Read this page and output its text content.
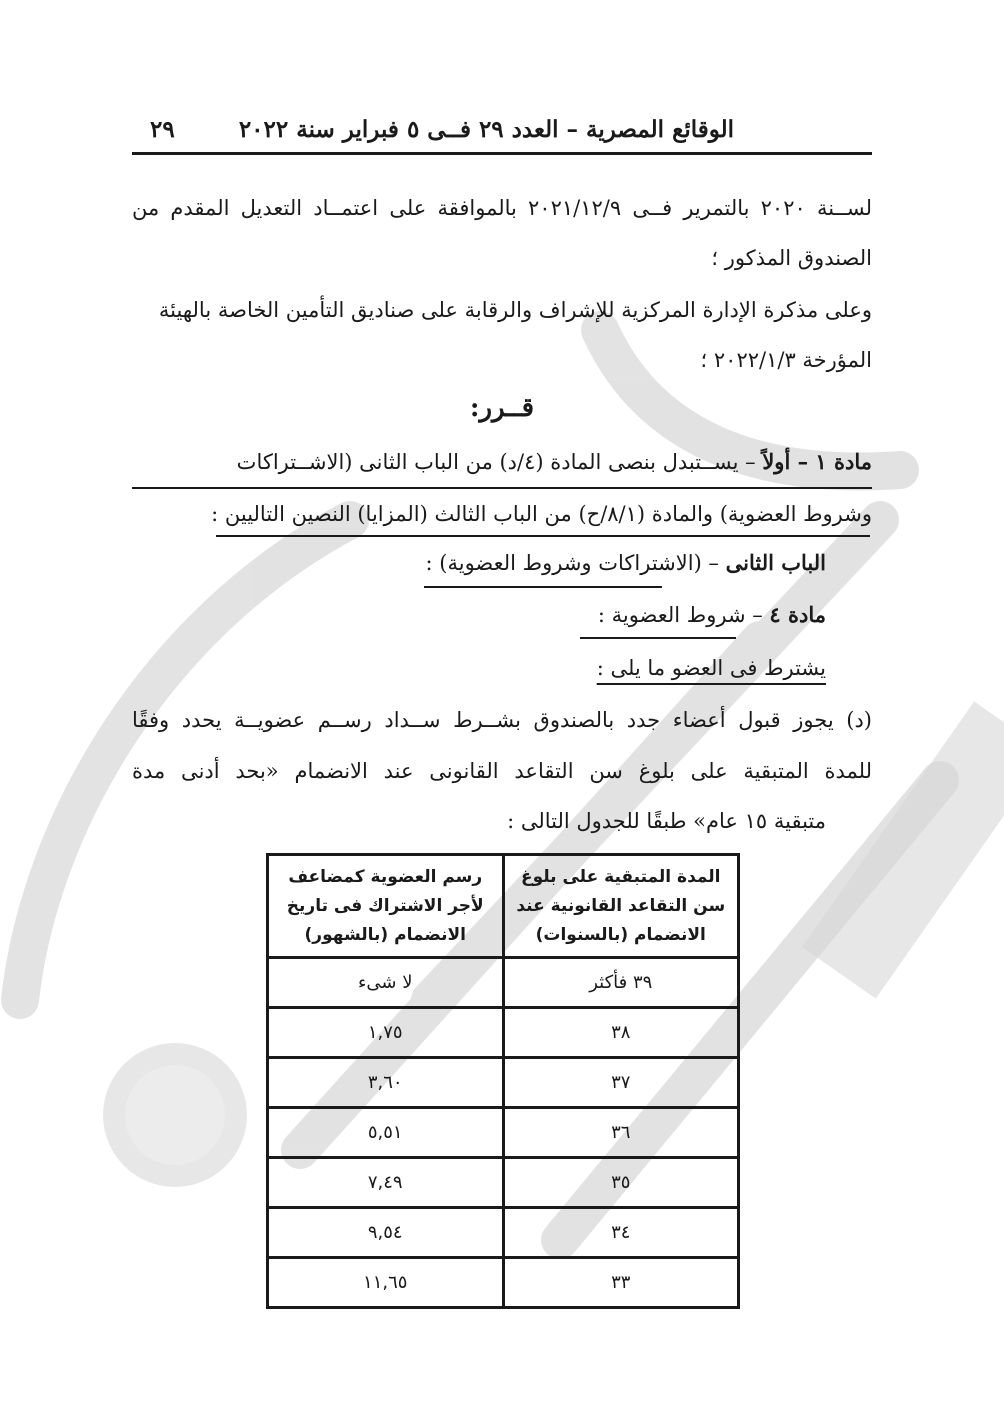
الوقائع المصرية – العدد ٢٩ فــى ٥ فبراير سنة ٢٠٢٢
٢٩
لســنة ٢٠٢٠ بالتمرير فــى ٢٠٢١/١٢/٩ بالموافقة على اعتمــاد التعديل المقدم من
الصندوق المذكور ؛
وعلى مذكرة الإدارة المركزية للإشراف والرقابة على صناديق التأمين الخاصة بالهيئة
المؤرخة ٢٠٢٢/١/٣ ؛
قــرر:
مادة ١ – أولاً – يســتبدل بنصى المادة (٤/د) من الباب الثانى (الاشــتراكات
وشروط العضوية) والمادة (٨/١/ح) من الباب الثالث (المزايا) النصين التاليين :
الباب الثانى – (الاشتراكات وشروط العضوية) :
مادة ٤ – شروط العضوية :
يشترط فى العضو ما يلى :
(د) يجوز قبول أعضاء جدد بالصندوق بشــرط ســداد رســم عضويــة يحدد وفقًا
للمدة المتبقية على بلوغ سن التقاعد القانونى عند الانضمام «بحد أدنى مدة
متبقية ١٥ عام» طبقًا للجدول التالى :
المدة المتبقية على بلوغ سن التقاعد القانونية عند الانضمام (بالسنوات)	رسم العضوية كمضاعف لأجر الاشتراك فى تاريخ الانضمام (بالشهور)
٣٩ فأكثر	لا شىء
٣٨	١,٧٥
٣٧	٣,٦٠
٣٦	٥,٥١
٣٥	٧,٤٩
٣٤	٩,٥٤
٣٣	١١,٦٥
